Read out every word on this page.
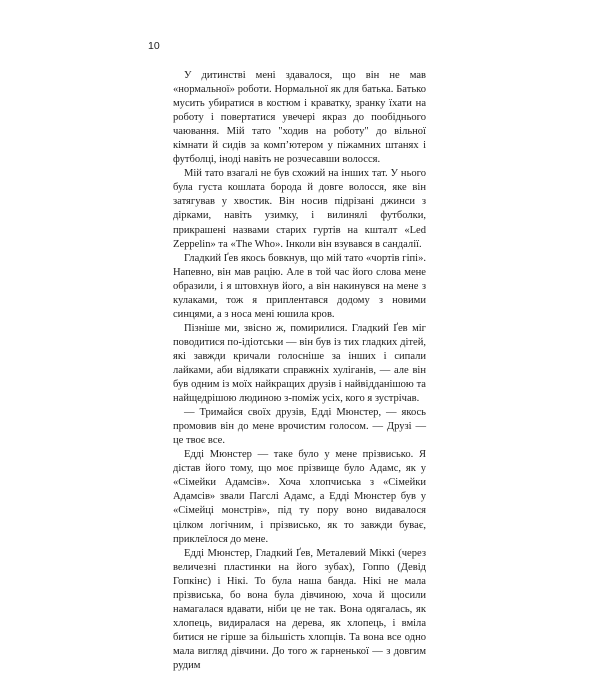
10

У дитинстві мені здавалося, що він не мав «нормальної» роботи. Нормальної як для батька. Батько мусить убиратися в костюм і краватку, зранку їхати на роботу і повертатися увечері якраз до пообіднього чаювання. Мій тато "ходив на роботу" до вільної кімнати й сидів за комп’ютером у піжамних штанях і футболці, іноді навіть не розчесавши волосся.

Мій тато взагалі не був схожий на інших тат. У нього була густа кошлата борода й довге волосся, яке він затягував у хвостик. Він носив підрізані джинси з дірками, навіть узимку, і вилинялі футболки, прикрашені назвами старих гуртів на кшталт «Led Zeppelin» та «The Who». Інколи він взувався в сандалії.

Гладкий Ґев якось бовкнув, що мій тато «чортів гіпі». Напевно, він мав рацію. Але в той час його слова мене образили, і я штовхнув його, а він накинувся на мене з кулаками, тож я приплентався додому з новими синцями, а з носа мені юшила кров.

Пізніше ми, звісно ж, помирилися. Гладкий Ґев міг поводитися по-ідіотськи — він був із тих гладких дітей, які завжди кричали голосніше за інших і сипали лайками, аби відлякати справжніх хуліганів, — але він був одним із моїх найкращих друзів і найвідданішою та найщедрішою людиною з-поміж усіх, кого я зустрічав.

— Тримайся своїх друзів, Едді Мюнстер, — якось промовив він до мене врочистим голосом. — Друзі — це твоє все.

Едді Мюнстер — таке було у мене прізвисько. Я дістав його тому, що моє прізвище було Адамс, як у «Сімейки Адамсів». Хоча хлопчиська з «Сімейки Адамсів» звали Пагслі Адамс, а Едді Мюнстер був у «Сімейці монстрів», під ту пору воно видавалося цілком логічним, і прізвисько, як то завжди буває, приклеїлося до мене.

Едді Мюнстер, Гладкий Ґев, Металевий Міккі (через величезні пластинки на його зубах), Гоппо (Девід Гопкінс) і Нікі. То була наша банда. Нікі не мала прізвиська, бо вона була дівчиною, хоча й щосили намагалася вдавати, ніби це не так. Вона одягалась, як хлопець, видиралася на дерева, як хлопець, і вміла битися не гірше за більшість хлопців. Та вона все одно мала вигляд дівчини. До того ж гарненької — з довгим рудим
